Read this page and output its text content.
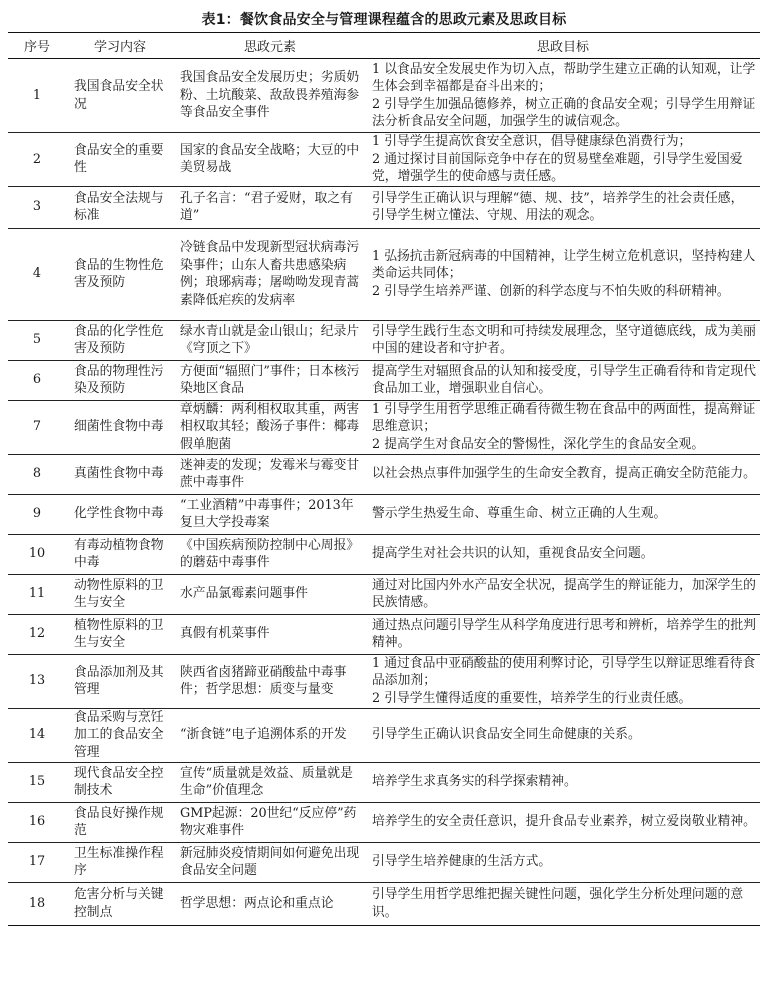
表1：餐饮食品安全与管理课程蕴含的思政元素及思政目标
序号	学习内容	思政元素	思政目标
1	我国食品安全状况	我国食品安全发展历史；劣质奶粉、土坑酸菜、敌敌畏养殖海参等食品安全事件	1 以食品安全发展史作为切入点，帮助学生建立正确的认知观，让学生体会到幸福都是奋斗出来的；
2 引导学生加强品德修养，树立正确的食品安全观；引导学生用辩证法分析食品安全问题，加强学生的诚信观念。
2	食品安全的重要性	国家的食品安全战略；大豆的中美贸易战	1 引导学生提高饮食安全意识，倡导健康绿色消费行为；
2 通过探讨目前国际竞争中存在的贸易壁垒难题，引导学生爱国爱党，增强学生的使命感与责任感。
3	食品安全法规与标准	孔子名言：“君子爱财，取之有道”	引导学生正确认识与理解“德、规、技”，培养学生的社会责任感，引导学生树立懂法、守规、用法的观念。
4	食品的生物性危害及预防	冷链食品中发现新型冠状病毒污染事件；山东人畜共患感染病例；琅琊病毒；屠呦呦发现青蒿素降低疟疾的发病率	1 弘扬抗击新冠病毒的中国精神，让学生树立危机意识，坚持构建人类命运共同体；
2 引导学生培养严谨、创新的科学态度与不怕失败的科研精神。
5	食品的化学性危害及预防	绿水青山就是金山银山；纪录片《穹顶之下》	引导学生践行生态文明和可持续发展理念，坚守道德底线，成为美丽中国的建设者和守护者。
6	食品的物理性污染及预防	方便面“辐照门”事件；日本核污染地区食品	提高学生对辐照食品的认知和接受度，引导学生正确看待和肯定现代食品加工业，增强职业自信心。
7	细菌性食物中毒	章炳麟：两利相权取其重，两害相权取其轻；酸汤子事件：椰毒假单胞菌	1 引导学生用哲学思维正确看待微生物在食品中的两面性，提高辩证思维意识；
2 提高学生对食品安全的警惕性，深化学生的食品安全观。
8	真菌性食物中毒	迷神麦的发现；发霉米与霉变甘蔗中毒事件	以社会热点事件加强学生的生命安全教育，提高正确安全防范能力。
9	化学性食物中毒	“工业酒精”中毒事件；2013年复旦大学投毒案	警示学生热爱生命、尊重生命、树立正确的人生观。
10	有毒动植物食物中毒	《中国疾病预防控制中心周报》的蘑菇中毒事件	提高学生对社会共识的认知，重视食品安全问题。
11	动物性原料的卫生与安全	水产品氯霉素问题事件	通过对比国内外水产品安全状况，提高学生的辩证能力，加深学生的民族情感。
12	植物性原料的卫生与安全	真假有机菜事件	通过热点问题引导学生从科学角度进行思考和辨析，培养学生的批判精神。
13	食品添加剂及其管理	陕西省卤猪蹄亚硝酸盐中毒事件；哲学思想：质变与量变	1 通过食品中亚硝酸盐的使用利弊讨论，引导学生以辩证思维看待食品添加剂；
2 引导学生懂得适度的重要性，培养学生的行业责任感。
14	食品采购与烹饪加工的食品安全管理	“浙食链”电子追溯体系的开发	引导学生正确认识食品安全同生命健康的关系。
15	现代食品安全控制技术	宣传“质量就是效益、质量就是生命”价值理念	培养学生求真务实的科学探索精神。
16	食品良好操作规范	GMP起源：20世纪“反应停”药物灾难事件	培养学生的安全责任意识，提升食品专业素养，树立爱岗敬业精神。
17	卫生标准操作程序	新冠肺炎疫情期间如何避免出现食品安全问题	引导学生培养健康的生活方式。
18	危害分析与关键控制点	哲学思想：两点论和重点论	引导学生用哲学思维把握关键性问题，强化学生分析处理问题的意识。
